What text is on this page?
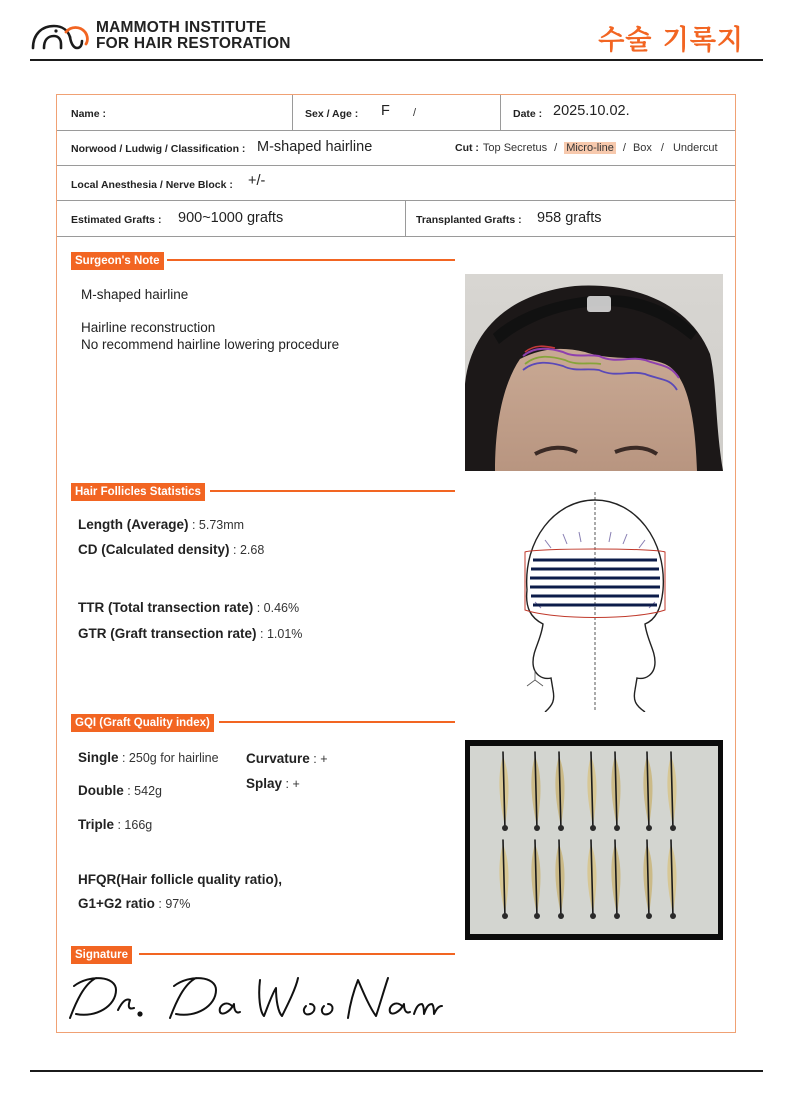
MAMMOTH INSTITUTE
FOR HAIR RESTORATION	수술 기록지
Name :	Sex / Age : F /	Date : 2025.10.02.
Norwood / Ludwig / Classification : M-shaped hairline	Cut : Top Secretus / Micro-line / Box / Undercut
Local Anesthesia / Nerve Block : +/-
Estimated Grafts : 900~1000 grafts	Transplanted Grafts : 958 grafts
Surgeon's Note
M-shaped hairline
Hairline reconstruction
No recommend hairline lowering procedure
Hair Follicles Statistics
Length (Average) : 5.73mm
CD (Calculated density) : 2.68
TTR (Total transection rate) : 0.46%
GTR (Graft transection rate) : 1.01%
GQI (Graft Quality index)
Single : 250g for hairline Curvature : +
Splay : +
Double : 542g
Triple : 166g
HFQR(Hair follicle quality ratio),
G1+G2 ratio : 97%
Signature
